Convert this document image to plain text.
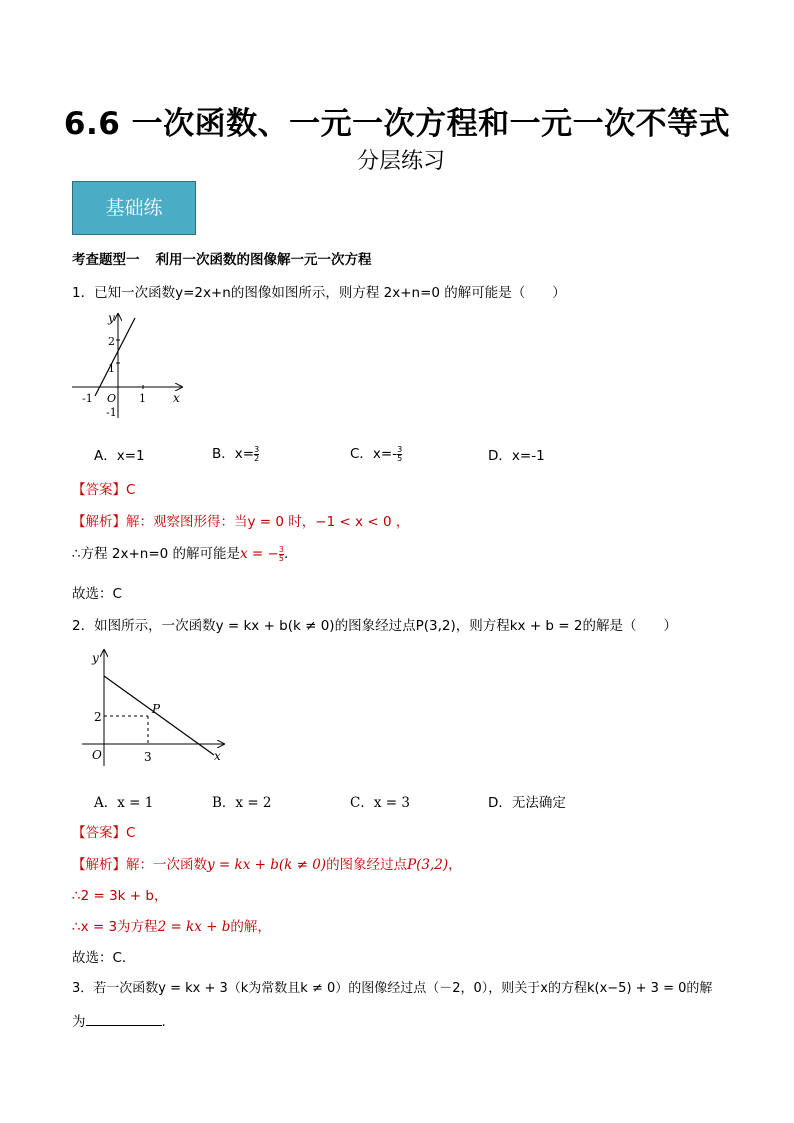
6.6 一次函数、一元一次方程和一元一次不等式
分层练习
基础练
考查题型一 利用一次函数的图像解一元一次方程
1．已知一次函数y=2x+n的图像如图所示，则方程 2x+n=0 的解可能是（　　）
y
x
2
1
-1
-1 O 1
A．x=1	B．$x= \frac{3}{2}$	C．$x=- \frac{3}{5}$	D．x=-1
【答案】C
【解析】解：观察图形得：当y = 0 时，−1 < x < 0 ，
∴方程 2x+n=0 的解可能是x = − $\frac{3}{5}$ .
故选：C
2．如图所示，一次函数y = kx + b(k ≠ 0)的图象经过点P(3,2)，则方程kx + b = 2的解是（　　）
y
x
2
3
O
P
A．x = 1	B．x = 2	C．x = 3	D．无法确定
【答案】C
【解析】解：一次函数y = kx + b(k ≠ 0)的图象经过点P(3,2)，
∴2 = 3k + b，
∴x = 3为方程2 = kx + b的解，
故选：C．
3．若一次函数y = kx + 3（k为常数且k ≠ 0）的图像经过点（－2，0），则关于x的方程k(x−5) + 3 = 0的解
为	.
